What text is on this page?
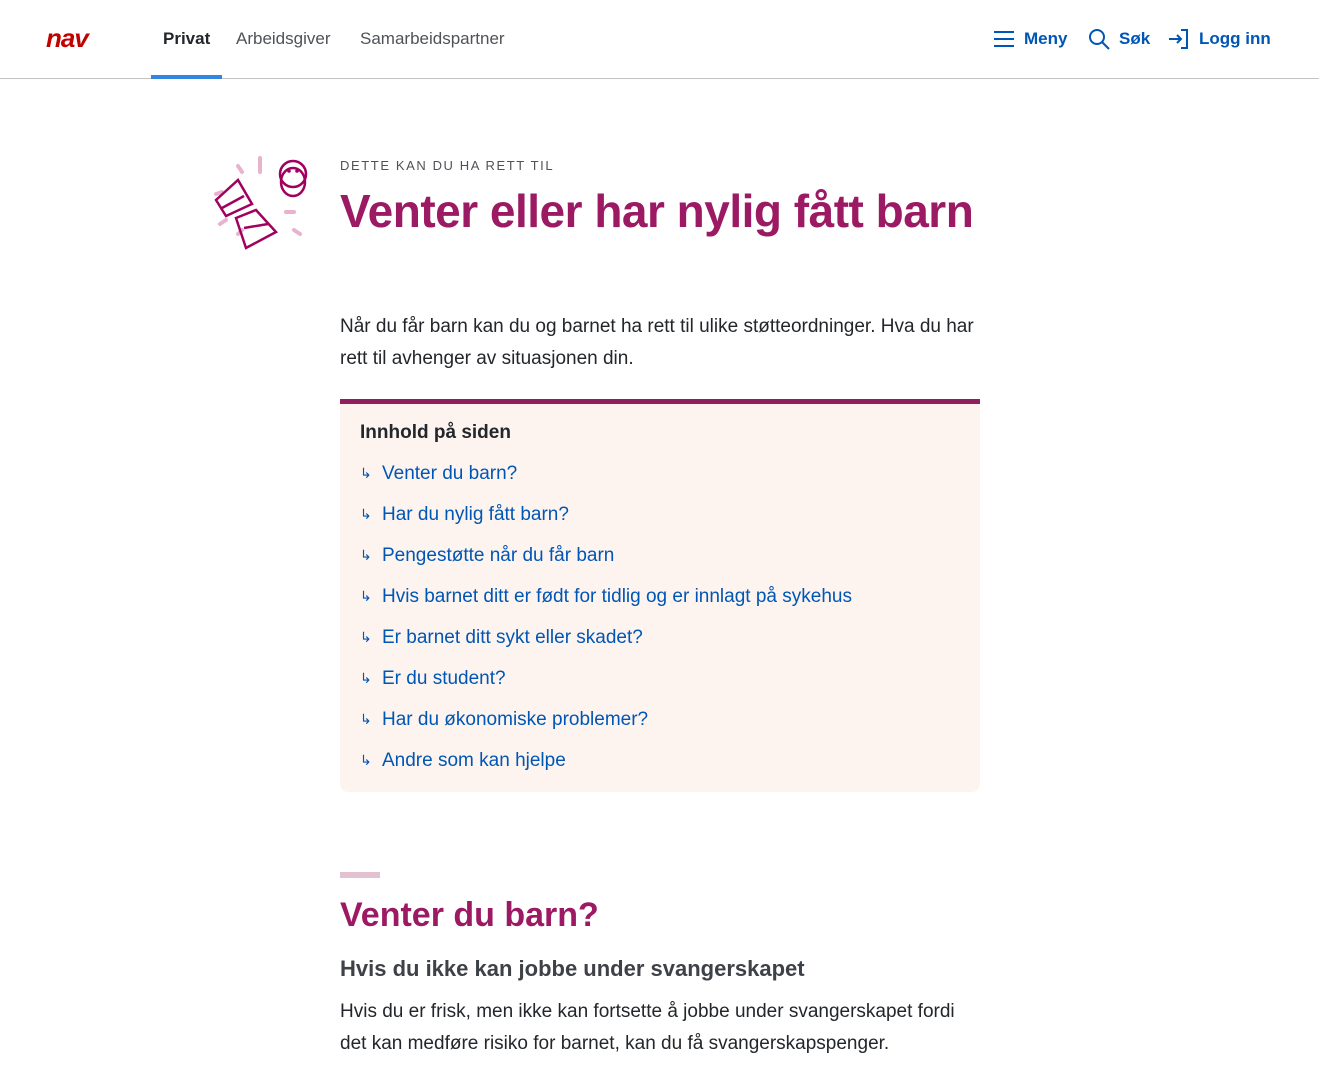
nav	Privat Arbeidsgiver Samarbeidspartner	Meny	Søk	Logg inn
DETTE KAN DU HA RETT TIL
Venter eller har nylig fått barn

Når du får barn kan du og barnet ha rett til ulike støtteordninger. Hva du har rett til avhenger av situasjonen din.

Innhold på siden
↳ Venter du barn?
↳ Har du nylig fått barn?
↳ Pengestøtte når du får barn
↳ Hvis barnet ditt er født for tidlig og er innlagt på sykehus
↳ Er barnet ditt sykt eller skadet?
↳ Er du student?
↳ Har du økonomiske problemer?
↳ Andre som kan hjelpe
Venter du barn?
Hvis du ikke kan jobbe under svangerskapet

Hvis du er frisk, men ikke kan fortsette å jobbe under svangerskapet fordi det kan medføre risiko for barnet, kan du få svangerskapspenger.
